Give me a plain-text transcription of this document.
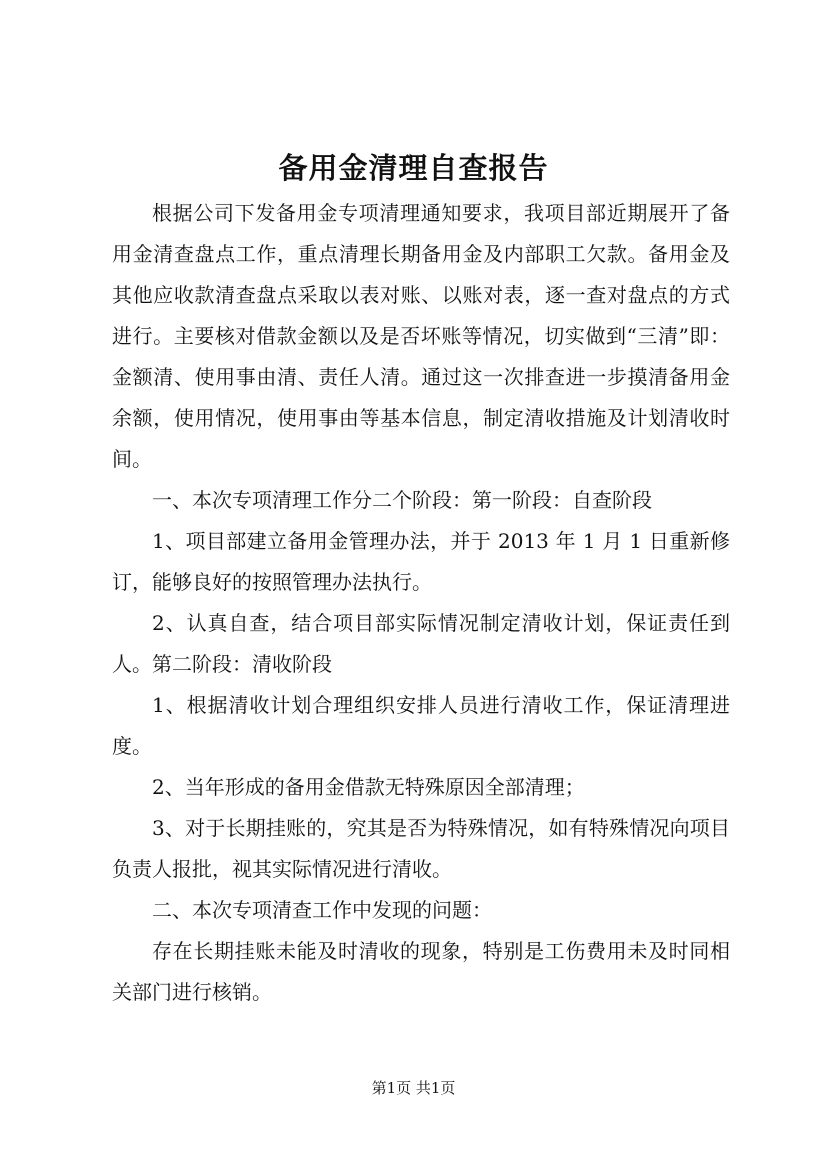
备用金清理自查报告

根据公司下发备用金专项清理通知要求，我项目部近期展开了备用金清查盘点工作，重点清理长期备用金及内部职工欠款。备用金及其他应收款清查盘点采取以表对账、以账对表，逐一查对盘点的方式进行。主要核对借款金额以及是否坏账等情况，切实做到“三清”即：金额清、使用事由清、责任人清。通过这一次排查进一步摸清备用金余额，使用情况，使用事由等基本信息，制定清收措施及计划清收时间。

一、本次专项清理工作分二个阶段：第一阶段：自查阶段

1、项目部建立备用金管理办法，并于 2013 年 1 月 1 日重新修订，能够良好的按照管理办法执行。

2、认真自查，结合项目部实际情况制定清收计划，保证责任到人。第二阶段：清收阶段

1、根据清收计划合理组织安排人员进行清收工作，保证清理进度。

2、当年形成的备用金借款无特殊原因全部清理；

3、对于长期挂账的，究其是否为特殊情况，如有特殊情况向项目负责人报批，视其实际情况进行清收。

二、本次专项清查工作中发现的问题：

存在长期挂账未能及时清收的现象，特别是工伤费用未及时同相关部门进行核销。

第1页 共1页
